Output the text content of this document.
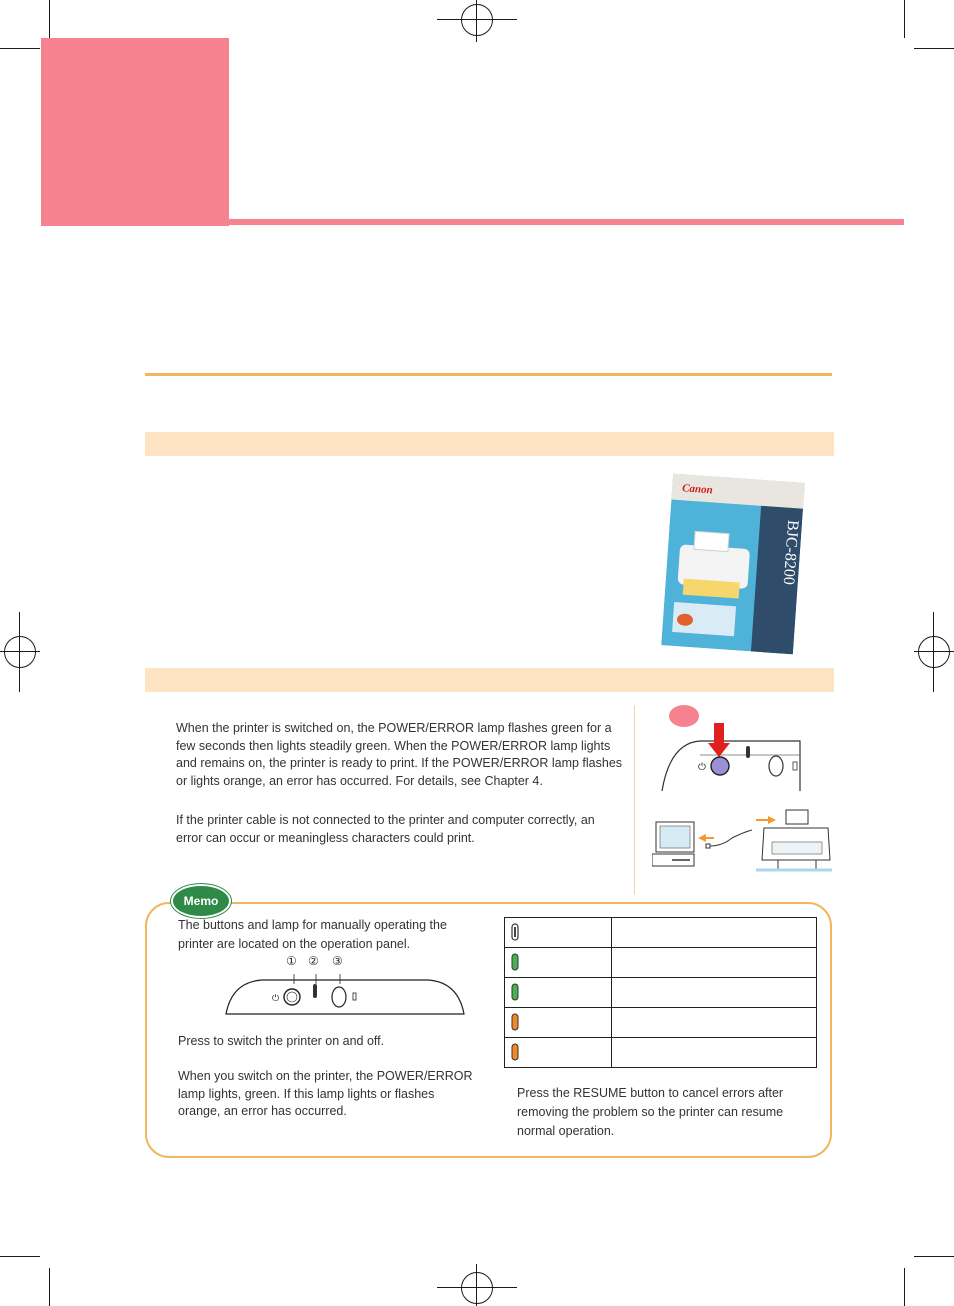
Canon
BJC-8200
When the printer is switched on, the POWER/ERROR lamp flashes green for a few seconds then lights steadily green. When the POWER/ERROR lamp lights and remains on, the printer is ready to print. If the POWER/ERROR lamp flashes or lights orange, an error has occurred. For details, see Chapter 4.
If the printer cable is not connected to the printer and computer correctly, an error can occur or meaningless characters could print.
⏻
Memo
The buttons and lamp for manually operating the printer are located on the operation panel.
① ② ③
⏻
Press to switch the printer on and off.
When you switch on the printer, the POWER/ERROR lamp lights, green. If this lamp lights or flashes orange, an error has occurred.

Press the RESUME button to cancel errors after removing the problem so the printer can resume normal operation.
